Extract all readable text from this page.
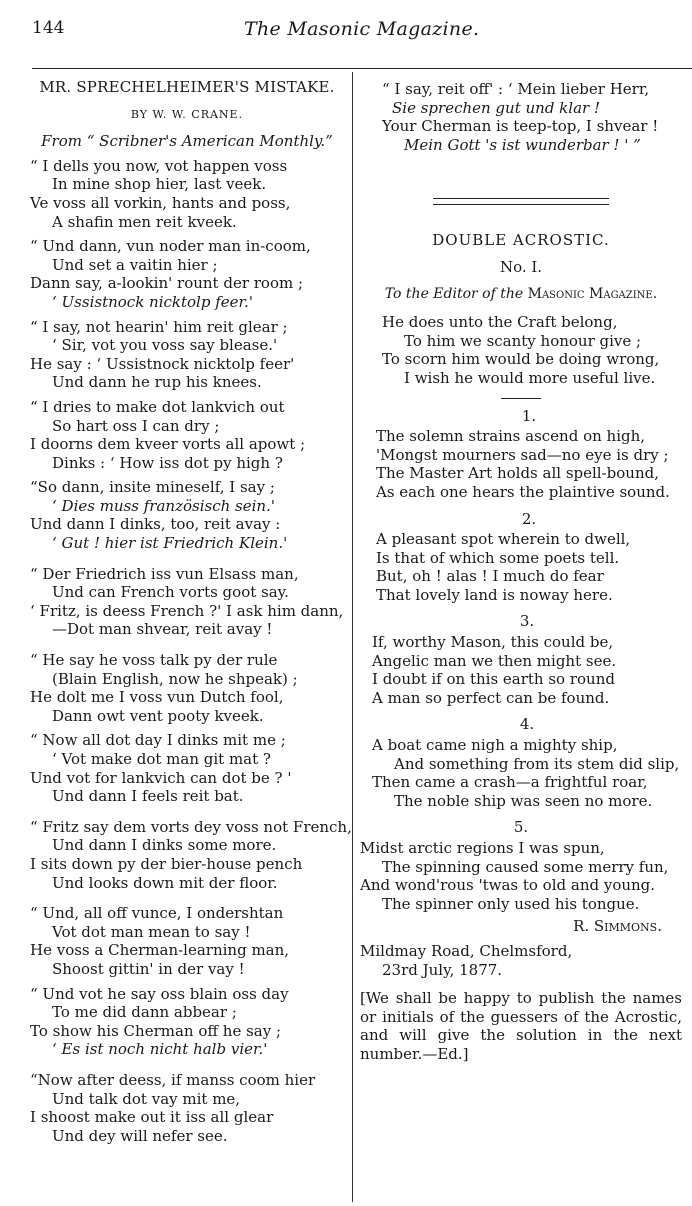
144	The Masonic Magazine.

MR. SPRECHELHEIMER'S MISTAKE.

BY W. W. CRANE.

From “ Scribner's American Monthly.”

“ I dells you now, vot happen voss
In mine shop hier, last veek.
Ve voss all vorkin, hants and poss,
A shafin men reit kveek.
“ Und dann, vun noder man in-coom,
Und set a vaitin hier ;
Dann say, a-lookin' rount der room ;
‘ Ussistnock nicktolp feer.'
“ I say, not hearin' him reit glear ;
‘ Sir, vot you voss say blease.'
He say : ‘ Ussistnock nicktolp feer'
Und dann he rup his knees.
“ I dries to make dot lankvich out
So hart oss I can dry ;
I doorns dem kveer vorts all apowt ;
Dinks : ‘ How iss dot py high ?
“So dann, insite mineself, I say ;
‘ Dies muss französisch sein.'
Und dann I dinks, too, reit avay :
‘ Gut ! hier ist Friedrich Klein.'
“ Der Friedrich iss vun Elsass man,
Und can French vorts goot say.
‘ Fritz, is deess French ?' I ask him dann,
—Dot man shvear, reit avay !
“ He say he voss talk py der rule
(Blain English, now he shpeak) ;
He dolt me I voss vun Dutch fool,
Dann owt vent pooty kveek.
“ Now all dot day I dinks mit me ;
‘ Vot make dot man git mat ?
Und vot for lankvich can dot be ? '
Und dann I feels reit bat.
“ Fritz say dem vorts dey voss not French,
Und dann I dinks some more.
I sits down py der bier-house pench
Und looks down mit der floor.
“ Und, all off vunce, I ondershtan
Vot dot man mean to say !
He voss a Cherman-learning man,
Shoost gittin' in der vay !
“ Und vot he say oss blain oss day
To me did dann abbear ;
To show his Cherman off he say ;
‘ Es ist noch nicht halb vier.'
“Now after deess, if manss coom hier
Und talk dot vay mit me,
I shoost make out it iss all glear
Und dey will nefer see.
“ I say, reit off' : ‘ Mein lieber Herr,
Sie sprechen gut und klar !
Your Cherman is teep-top, I shvear !
Mein Gott 's ist wunderbar ! ' ”

DOUBLE ACROSTIC.

No. I.

To the Editor of the Masonic Magazine.

He does unto the Craft belong,
To him we scanty honour give ;
To scorn him would be doing wrong,
I wish he would more useful live.

1.

The solemn strains ascend on high,
'Mongst mourners sad—no eye is dry ;
The Master Art holds all spell-bound,
As each one hears the plaintive sound.

2.

A pleasant spot wherein to dwell,
Is that of which some poets tell.
But, oh ! alas ! I much do fear
That lovely land is noway here.

3.

If, worthy Mason, this could be,
Angelic man we then might see.
I doubt if on this earth so round
A man so perfect can be found.

4.

A boat came nigh a mighty ship,
And something from its stem did slip,
Then came a crash—a frightful roar,
The noble ship was seen no more.

5.

Midst arctic regions I was spun,
The spinning caused some merry fun,
And wond'rous 'twas to old and young.
The spinner only used his tongue.

R. Simmons.

Mildmay Road, Chelmsford,
23rd July, 1877.

[We shall be happy to publish the names or initials of the guessers of the Acrostic, and will give the solution in the next number.—Ed.]
